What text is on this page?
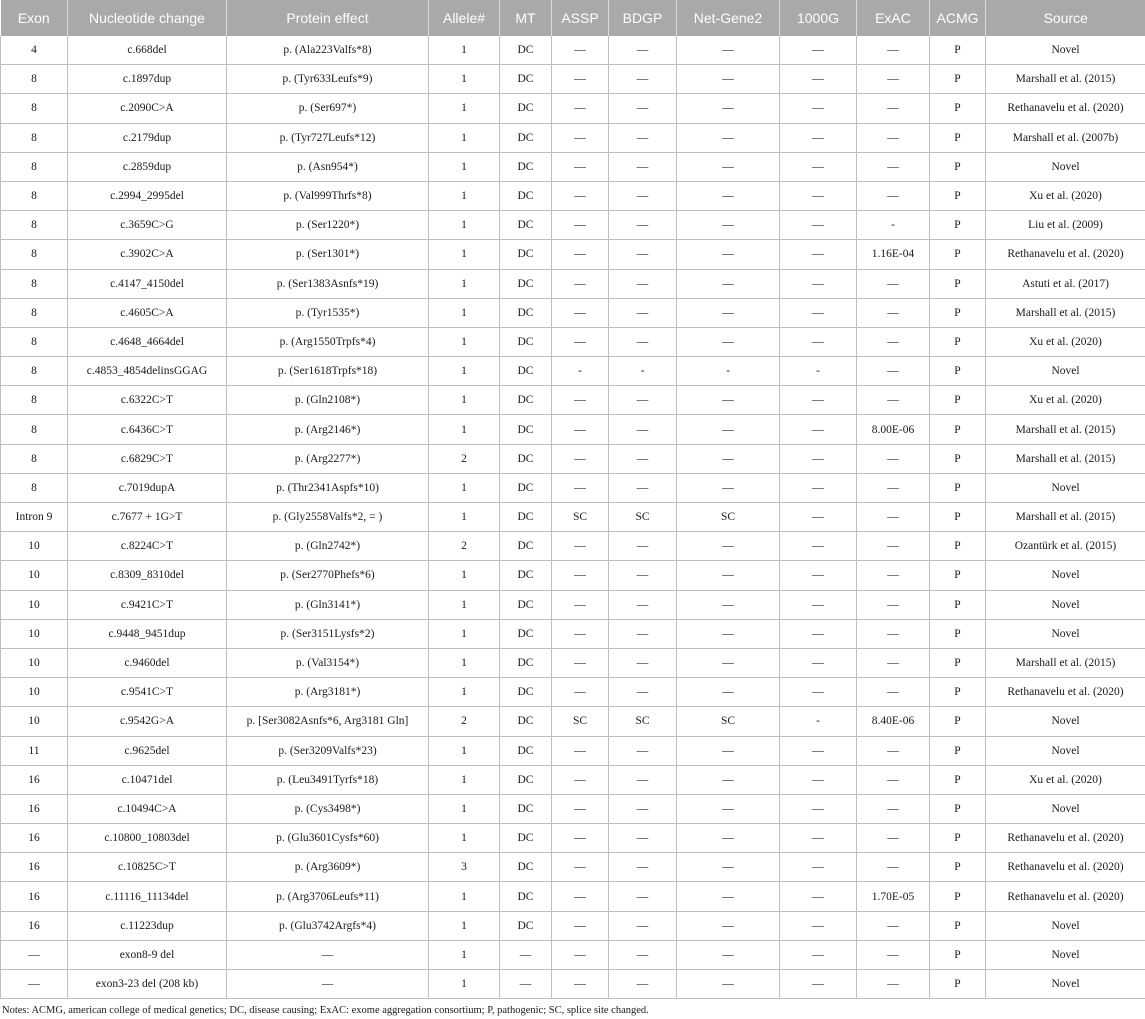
Exon	Nucleotide change	Protein effect	Allele#	MT	ASSP	BDGP	Net-Gene2	1000G	ExAC	ACMG	Source
4	c.668del	p. (Ala223Valfs*8)	1	DC	—	—	—	—	—	P	Novel
8	c.1897dup	p. (Tyr633Leufs*9)	1	DC	—	—	—	—	—	P	Marshall et al. (2015)
8	c.2090C>A	p. (Ser697*)	1	DC	—	—	—	—	—	P	Rethanavelu et al. (2020)
8	c.2179dup	p. (Tyr727Leufs*12)	1	DC	—	—	—	—	—	P	Marshall et al. (2007b)
8	c.2859dup	p. (Asn954*)	1	DC	—	—	—	—	—	P	Novel
8	c.2994_2995del	p. (Val999Thrfs*8)	1	DC	—	—	—	—	—	P	Xu et al. (2020)
8	c.3659C>G	p. (Ser1220*)	1	DC	—	—	—	—	-	P	Liu et al. (2009)
8	c.3902C>A	p. (Ser1301*)	1	DC	—	—	—	—	1.16E-04	P	Rethanavelu et al. (2020)
8	c.4147_4150del	p. (Ser1383Asnfs*19)	1	DC	—	—	—	—	—	P	Astuti et al. (2017)
8	c.4605C>A	p. (Tyr1535*)	1	DC	—	—	—	—	—	P	Marshall et al. (2015)
8	c.4648_4664del	p. (Arg1550Trpfs*4)	1	DC	—	—	—	—	—	P	Xu et al. (2020)
8	c.4853_4854delinsGGAG	p. (Ser1618Trpfs*18)	1	DC	-	-	-	-	—	P	Novel
8	c.6322C>T	p. (Gln2108*)	1	DC	—	—	—	—	—	P	Xu et al. (2020)
8	c.6436C>T	p. (Arg2146*)	1	DC	—	—	—	—	8.00E-06	P	Marshall et al. (2015)
8	c.6829C>T	p. (Arg2277*)	2	DC	—	—	—	—	—	P	Marshall et al. (2015)
8	c.7019dupA	p. (Thr2341Aspfs*10)	1	DC	—	—	—	—	—	P	Novel
Intron 9	c.7677 + 1G>T	p. (Gly2558Valfs*2, = )	1	DC	SC	SC	SC	—	—	P	Marshall et al. (2015)
10	c.8224C>T	p. (Gln2742*)	2	DC	—	—	—	—	—	P	Ozantürk et al. (2015)
10	c.8309_8310del	p. (Ser2770Phefs*6)	1	DC	—	—	—	—	—	P	Novel
10	c.9421C>T	p. (Gln3141*)	1	DC	—	—	—	—	—	P	Novel
10	c.9448_9451dup	p. (Ser3151Lysfs*2)	1	DC	—	—	—	—	—	P	Novel
10	c.9460del	p. (Val3154*)	1	DC	—	—	—	—	—	P	Marshall et al. (2015)
10	c.9541C>T	p. (Arg3181*)	1	DC	—	—	—	—	—	P	Rethanavelu et al. (2020)
10	c.9542G>A	p. [Ser3082Asnfs*6, Arg3181 Gln]	2	DC	SC	SC	SC	-	8.40E-06	P	Novel
11	c.9625del	p. (Ser3209Valfs*23)	1	DC	—	—	—	—	—	P	Novel
16	c.10471del	p. (Leu3491Tyrfs*18)	1	DC	—	—	—	—	—	P	Xu et al. (2020)
16	c.10494C>A	p. (Cys3498*)	1	DC	—	—	—	—	—	P	Novel
16	c.10800_10803del	p. (Glu3601Cysfs*60)	1	DC	—	—	—	—	—	P	Rethanavelu et al. (2020)
16	c.10825C>T	p. (Arg3609*)	3	DC	—	—	—	—	—	P	Rethanavelu et al. (2020)
16	c.11116_11134del	p. (Arg3706Leufs*11)	1	DC	—	—	—	—	1.70E-05	P	Rethanavelu et al. (2020)
16	c.11223dup	p. (Glu3742Argfs*4)	1	DC	—	—	—	—	—	P	Novel
—	exon8-9 del	—	1	—	—	—	—	—	—	P	Novel
—	exon3-23 del (208 kb)	—	1	—	—	—	—	—	—	P	Novel
Notes: ACMG, american college of medical genetics; DC, disease causing; ExAC: exome aggregation consortium; P, pathogenic; SC, splice site changed.
